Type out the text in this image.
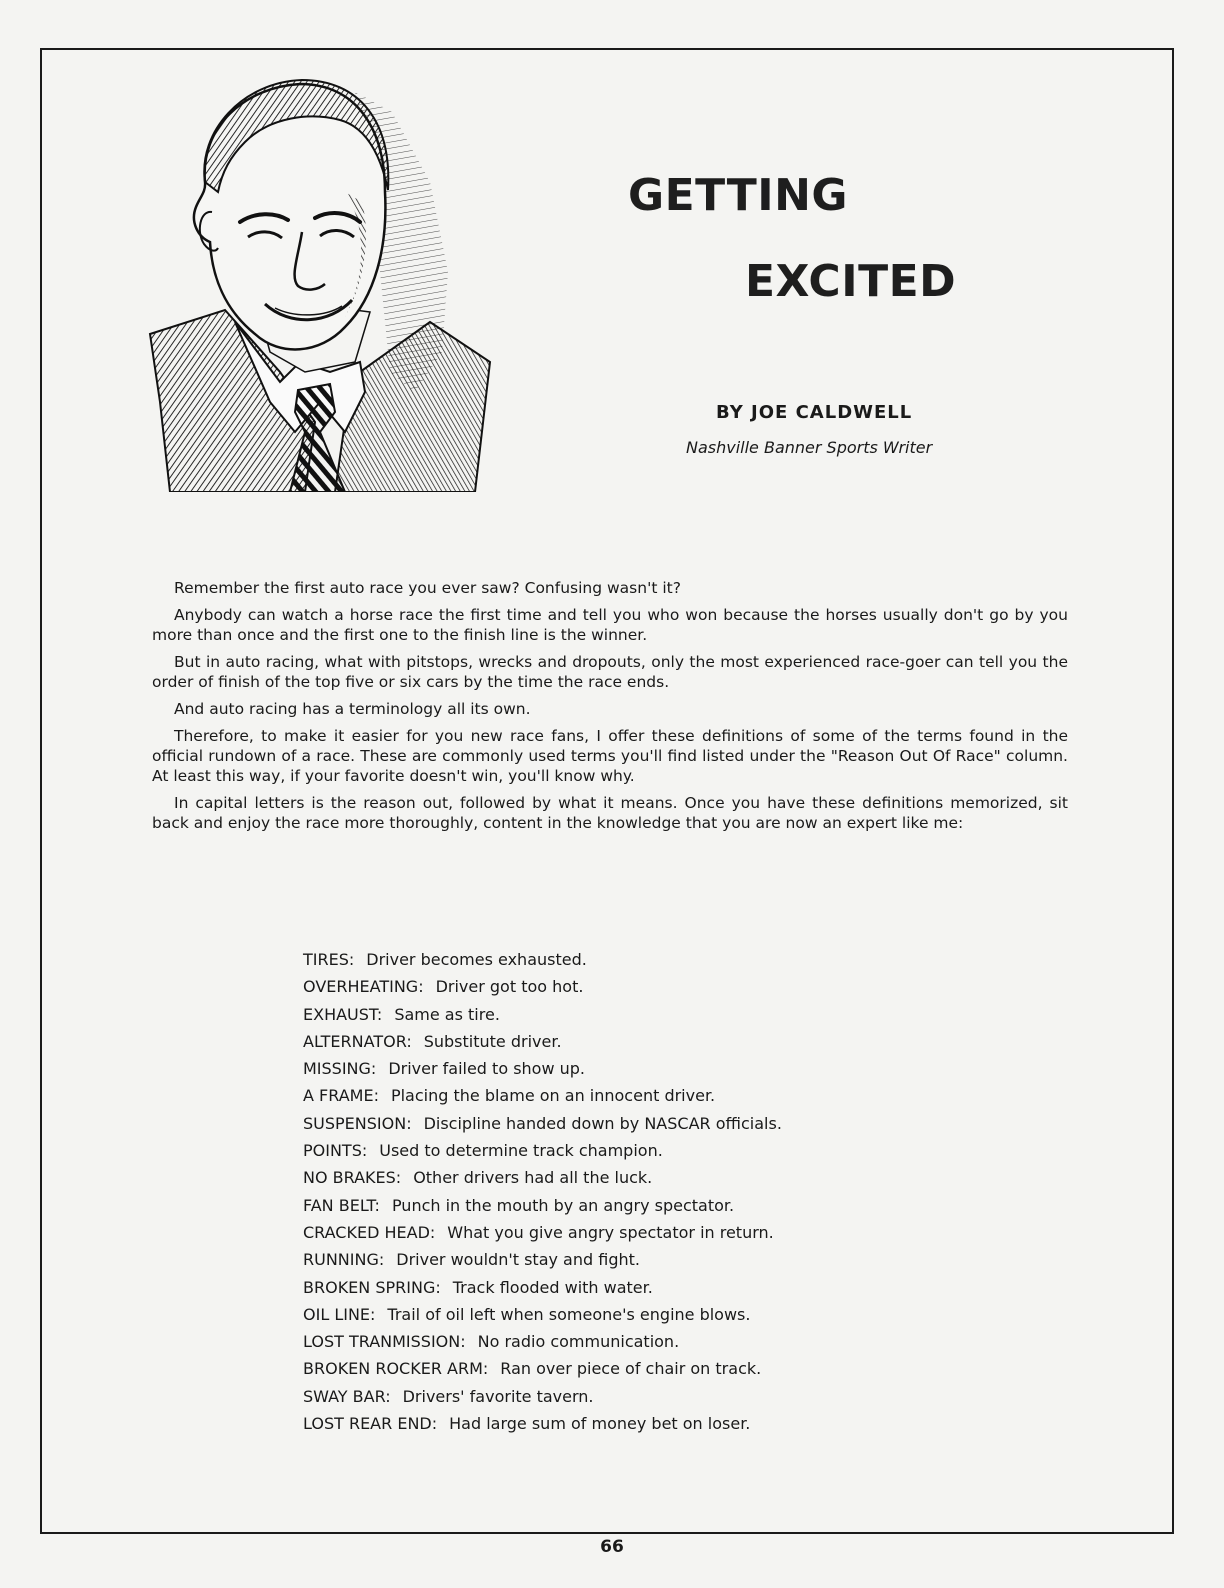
GETTING
EXCITED
BY JOE CALDWELL
Nashville Banner Sports Writer

Remember the first auto race you ever saw? Confusing wasn't it?

Anybody can watch a horse race the first time and tell you who won because the horses usually don't go by you more than once and the first one to the finish line is the winner.

But in auto racing, what with pitstops, wrecks and dropouts, only the most experienced race-goer can tell you the order of finish of the top five or six cars by the time the race ends.

And auto racing has a terminology all its own.

Therefore, to make it easier for you new race fans, I offer these definitions of some of the terms found in the official rundown of a race. These are commonly used terms you'll find listed under the "Reason Out Of Race" column. At least this way, if your favorite doesn't win, you'll know why.

In capital letters is the reason out, followed by what it means. Once you have these definitions memorized, sit back and enjoy the race more thoroughly, content in the knowledge that you are now an expert like me:

TIRES: Driver becomes exhausted.
OVERHEATING: Driver got too hot.
EXHAUST: Same as tire.
ALTERNATOR: Substitute driver.
MISSING: Driver failed to show up.
A FRAME: Placing the blame on an innocent driver.
SUSPENSION: Discipline handed down by NASCAR officials.
POINTS: Used to determine track champion.
NO BRAKES: Other drivers had all the luck.
FAN BELT: Punch in the mouth by an angry spectator.
CRACKED HEAD: What you give angry spectator in return.
RUNNING: Driver wouldn't stay and fight.
BROKEN SPRING: Track flooded with water.
OIL LINE: Trail of oil left when someone's engine blows.
LOST TRANMISSION: No radio communication.
BROKEN ROCKER ARM: Ran over piece of chair on track.
SWAY BAR: Drivers' favorite tavern.
LOST REAR END: Had large sum of money bet on loser.
66
